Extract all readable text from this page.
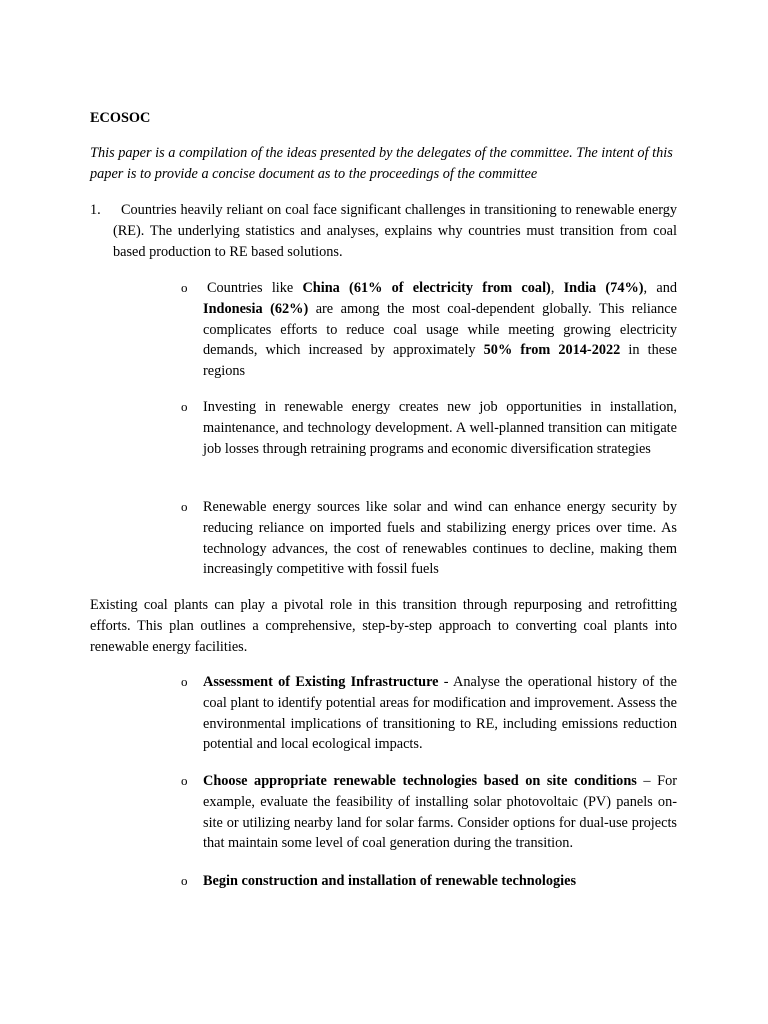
ECOSOC

This paper is a compilation of the ideas presented by the delegates of the committee. The intent of this paper is to provide a concise document as to the proceedings of the committee

1.	Countries heavily reliant on coal face significant challenges in transitioning to renewable energy (RE). The underlying statistics and analyses, explains why countries must transition from coal based production to RE based solutions.
o Countries like China (61% of electricity from coal), India (74%), and Indonesia (62%) are among the most coal-dependent globally. This reliance complicates efforts to reduce coal usage while meeting growing electricity demands, which increased by approximately 50% from 2014-2022 in these regions
o Investing in renewable energy creates new job opportunities in installation, maintenance, and technology development. A well-planned transition can mitigate job losses through retraining programs and economic diversification strategies
o Renewable energy sources like solar and wind can enhance energy security by reducing reliance on imported fuels and stabilizing energy prices over time. As technology advances, the cost of renewables continues to decline, making them increasingly competitive with fossil fuels

Existing coal plants can play a pivotal role in this transition through repurposing and retrofitting efforts. This plan outlines a comprehensive, step-by-step approach to converting coal plants into renewable energy facilities.

o Assessment of Existing Infrastructure - Analyse the operational history of the coal plant to identify potential areas for modification and improvement. Assess the environmental implications of transitioning to RE, including emissions reduction potential and local ecological impacts.
o Choose appropriate renewable technologies based on site conditions – For example, evaluate the feasibility of installing solar photovoltaic (PV) panels on-site or utilizing nearby land for solar farms. Consider options for dual-use projects that maintain some level of coal generation during the transition.
o Begin construction and installation of renewable technologies
